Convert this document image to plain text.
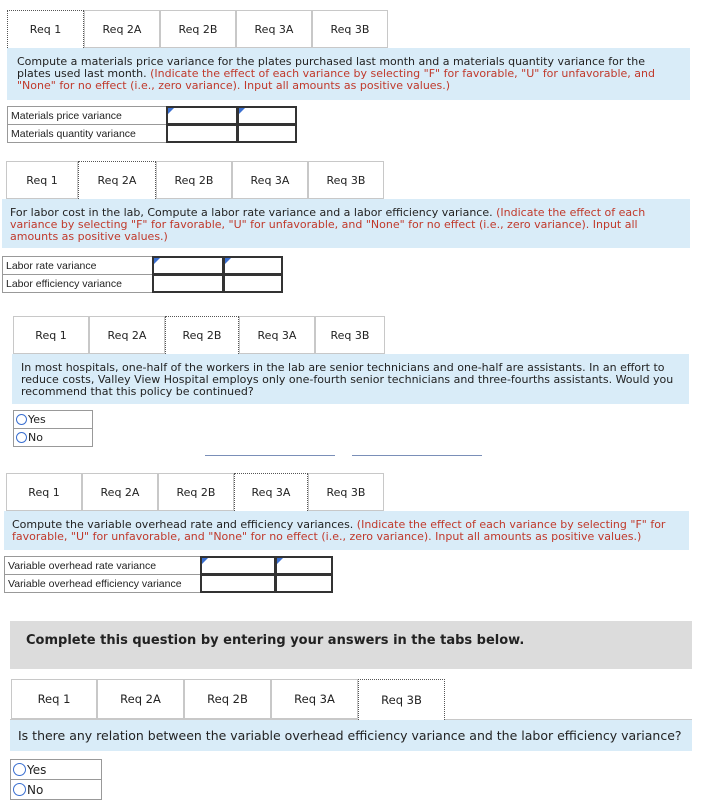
Req 1	Req 2A	Req 2B	Req 3A	Req 3B
Compute a materials price variance for the plates purchased last month and a materials quantity variance for the plates used last month. (Indicate the effect of each variance by selecting "F" for favorable, "U" for unfavorable, and "None" for no effect (i.e., zero variance). Input all amounts as positive values.)
Materials price variance
Materials quantity variance
Req 1	Req 2A	Req 2B	Req 3A	Req 3B
For labor cost in the lab, Compute a labor rate variance and a labor efficiency variance. (Indicate the effect of each variance by selecting "F" for favorable, "U" for unfavorable, and "None" for no effect (i.e., zero variance). Input all amounts as positive values.)
Labor rate variance
Labor efficiency variance
Req 1	Req 2A	Req 2B	Req 3A	Req 3B
In most hospitals, one-half of the workers in the lab are senior technicians and one-half are assistants. In an effort to reduce costs, Valley View Hospital employs only one-fourth senior technicians and three-fourths assistants. Would you recommend that this policy be continued?
Yes
No
Req 1	Req 2A	Req 2B	Req 3A	Req 3B
Compute the variable overhead rate and efficiency variances. (Indicate the effect of each variance by selecting "F" for favorable, "U" for unfavorable, and "None" for no effect (i.e., zero variance). Input all amounts as positive values.)
Variable overhead rate variance
Variable overhead efficiency variance
Complete this question by entering your answers in the tabs below.
Req 1	Req 2A	Req 2B	Req 3A	Req 3B
Is there any relation between the variable overhead efficiency variance and the labor efficiency variance?
Yes
No
